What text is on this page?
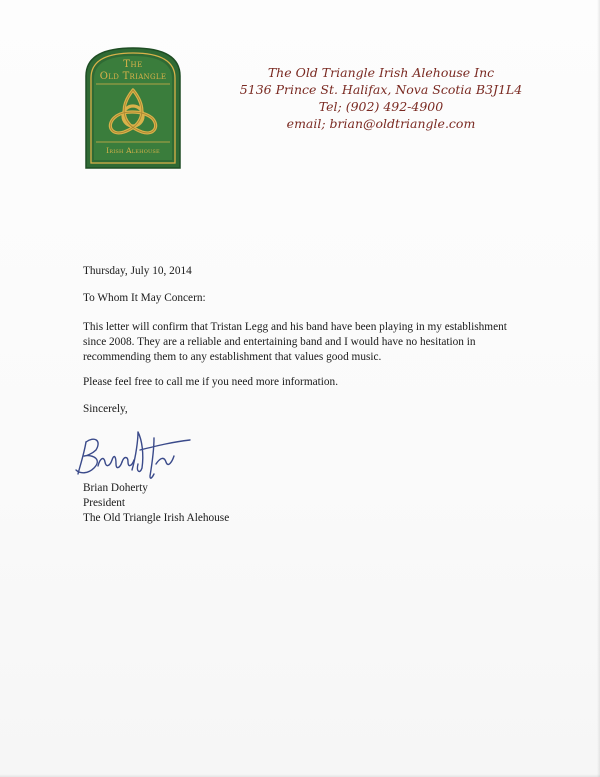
The
Old Triangle
Irish Alehouse
The Old Triangle Irish Alehouse Inc
5136 Prince St. Halifax, Nova Scotia B3J1L4
Tel; (902) 492-4900
email; brian@oldtriangle.com
Thursday, July 10, 2014
To Whom It May Concern:
This letter will confirm that Tristan Legg and his band have been playing in my establishment since 2008. They are a reliable and entertaining band and I would have no hesitation in recommending them to any establishment that values good music.
Please feel free to call me if you need more information.
Sincerely,
Brian Doherty
President
The Old Triangle Irish Alehouse
